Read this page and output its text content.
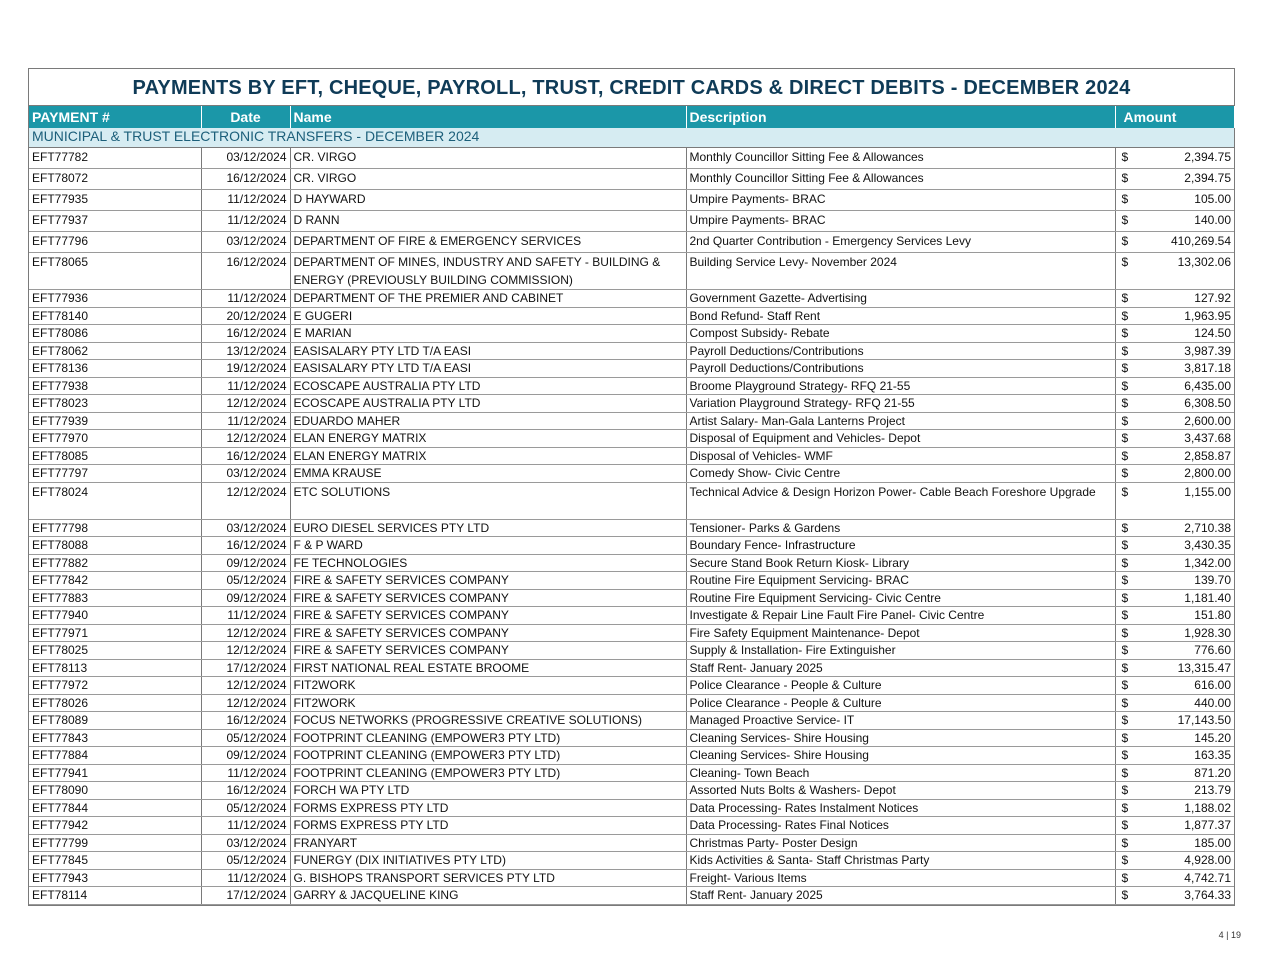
PAYMENTS BY EFT, CHEQUE, PAYROLL, TRUST, CREDIT CARDS & DIRECT DEBITS - DECEMBER 2024
PAYMENT #	Date	Name	Description	Amount
MUNICIPAL & TRUST ELECTRONIC TRANSFERS - DECEMBER 2024				
EFT77782	03/12/2024	CR. VIRGO	Monthly Councillor Sitting Fee & Allowances	$ 2,394.75

EFT78072	16/12/2024	CR. VIRGO	Monthly Councillor Sitting Fee & Allowances	$ 2,394.75

EFT77935	11/12/2024	D HAYWARD	Umpire Payments- BRAC	$ 105.00

EFT77937	11/12/2024	D RANN	Umpire Payments- BRAC	$ 140.00

EFT77796	03/12/2024	DEPARTMENT OF FIRE & EMERGENCY SERVICES	2nd Quarter Contribution - Emergency Services Levy	$ 410,269.54

EFT78065	16/12/2024	DEPARTMENT OF MINES, INDUSTRY AND SAFETY - BUILDING & ENERGY (PREVIOUSLY BUILDING COMMISSION)	Building Service Levy- November 2024	$ 13,302.06

EFT77936	11/12/2024	DEPARTMENT OF THE PREMIER AND CABINET	Government Gazette- Advertising	$ 127.92

EFT78140	20/12/2024	E GUGERI	Bond Refund- Staff Rent	$ 1,963.95

EFT78086	16/12/2024	E MARIAN	Compost Subsidy- Rebate	$ 124.50

EFT78062	13/12/2024	EASISALARY PTY LTD T/A EASI	Payroll Deductions/Contributions	$ 3,987.39

EFT78136	19/12/2024	EASISALARY PTY LTD T/A EASI	Payroll Deductions/Contributions	$ 3,817.18

EFT77938	11/12/2024	ECOSCAPE AUSTRALIA PTY LTD	Broome Playground Strategy- RFQ 21-55	$ 6,435.00

EFT78023	12/12/2024	ECOSCAPE AUSTRALIA PTY LTD	Variation Playground Strategy- RFQ 21-55	$ 6,308.50

EFT77939	11/12/2024	EDUARDO MAHER	Artist Salary- Man-Gala Lanterns Project	$ 2,600.00

EFT77970	12/12/2024	ELAN ENERGY MATRIX	Disposal of Equipment and Vehicles- Depot	$ 3,437.68

EFT78085	16/12/2024	ELAN ENERGY MATRIX	Disposal of Vehicles- WMF	$ 2,858.87

EFT77797	03/12/2024	EMMA KRAUSE	Comedy Show- Civic Centre	$ 2,800.00

EFT78024	12/12/2024	ETC SOLUTIONS	Technical Advice & Design Horizon Power- Cable Beach Foreshore Upgrade	$ 1,155.00

EFT77798	03/12/2024	EURO DIESEL SERVICES PTY LTD	Tensioner- Parks & Gardens	$ 2,710.38

EFT78088	16/12/2024	F & P WARD	Boundary Fence- Infrastructure	$ 3,430.35

EFT77882	09/12/2024	FE TECHNOLOGIES	Secure Stand Book Return Kiosk- Library	$ 1,342.00

EFT77842	05/12/2024	FIRE & SAFETY SERVICES COMPANY	Routine Fire Equipment Servicing- BRAC	$ 139.70

EFT77883	09/12/2024	FIRE & SAFETY SERVICES COMPANY	Routine Fire Equipment Servicing- Civic Centre	$ 1,181.40

EFT77940	11/12/2024	FIRE & SAFETY SERVICES COMPANY	Investigate & Repair Line Fault Fire Panel- Civic Centre	$ 151.80

EFT77971	12/12/2024	FIRE & SAFETY SERVICES COMPANY	Fire Safety Equipment Maintenance- Depot	$ 1,928.30

EFT78025	12/12/2024	FIRE & SAFETY SERVICES COMPANY	Supply & Installation- Fire Extinguisher	$ 776.60

EFT78113	17/12/2024	FIRST NATIONAL REAL ESTATE BROOME	Staff Rent- January 2025	$ 13,315.47

EFT77972	12/12/2024	FIT2WORK	Police Clearance - People & Culture	$ 616.00

EFT78026	12/12/2024	FIT2WORK	Police Clearance - People & Culture	$ 440.00

EFT78089	16/12/2024	FOCUS NETWORKS (PROGRESSIVE CREATIVE SOLUTIONS)	Managed Proactive Service- IT	$ 17,143.50

EFT77843	05/12/2024	FOOTPRINT CLEANING (EMPOWER3 PTY LTD)	Cleaning Services- Shire Housing	$ 145.20

EFT77884	09/12/2024	FOOTPRINT CLEANING (EMPOWER3 PTY LTD)	Cleaning Services- Shire Housing	$ 163.35

EFT77941	11/12/2024	FOOTPRINT CLEANING (EMPOWER3 PTY LTD)	Cleaning- Town Beach	$ 871.20

EFT78090	16/12/2024	FORCH WA PTY LTD	Assorted Nuts Bolts & Washers- Depot	$ 213.79

EFT77844	05/12/2024	FORMS EXPRESS PTY LTD	Data Processing- Rates Instalment Notices	$ 1,188.02

EFT77942	11/12/2024	FORMS EXPRESS PTY LTD	Data Processing- Rates Final Notices	$ 1,877.37

EFT77799	03/12/2024	FRANYART	Christmas Party- Poster Design	$ 185.00

EFT77845	05/12/2024	FUNERGY (DIX INITIATIVES PTY LTD)	Kids Activities & Santa- Staff Christmas Party	$ 4,928.00

EFT77943	11/12/2024	G. BISHOPS TRANSPORT SERVICES PTY LTD	Freight- Various Items	$ 4,742.71

EFT78114	17/12/2024	GARRY & JACQUELINE KING	Staff Rent- January 2025	$ 3,764.33
4 | 19
